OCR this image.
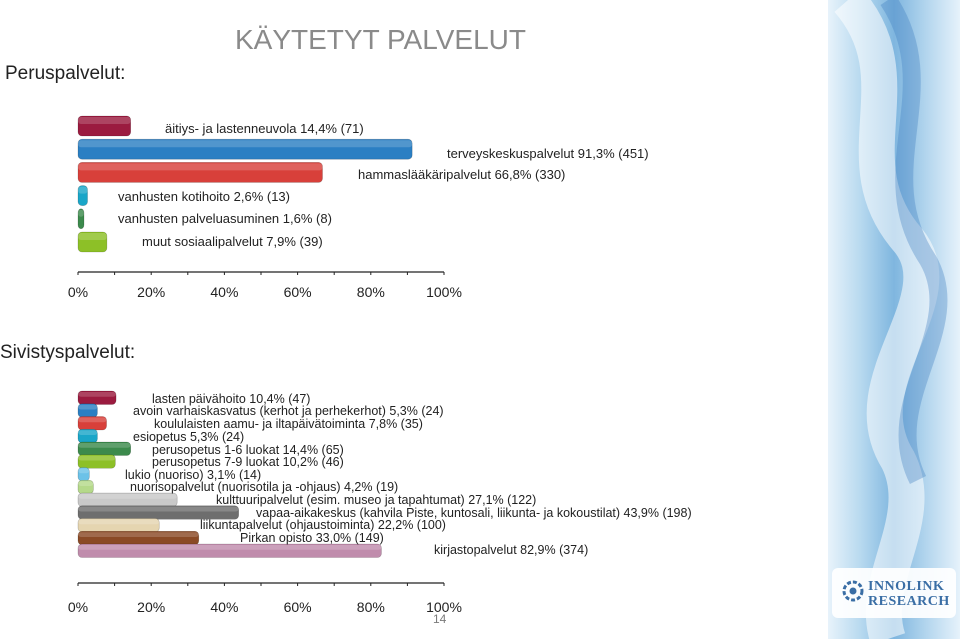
INNOLINK
RESEARCH
KÄYTETYT PALVELUT
Peruspalvelut:
Sivistyspalvelut:
äitiys- ja lastenneuvola 14,4% (71)
terveyskeskuspalvelut 91,3% (451)
hammaslääkäripalvelut 66,8% (330)
vanhusten kotihoito 2,6% (13)
vanhusten palveluasuminen 1,6% (8)
muut sosiaalipalvelut 7,9% (39)
0%	20%	40%	60%	80%	100%
lasten päivähoito 10,4% (47)
avoin varhaiskasvatus (kerhot ja perhekerhot) 5,3% (24)
koululaisten aamu- ja iltapäivätoiminta 7,8% (35)
esiopetus 5,3% (24)
perusopetus 1-6 luokat 14,4% (65)
perusopetus 7-9 luokat 10,2% (46)
lukio (nuoriso) 3,1% (14)
nuorisopalvelut (nuorisotila ja -ohjaus) 4,2% (19)
kulttuuripalvelut (esim. museo ja tapahtumat) 27,1% (122)
vapaa-aikakeskus (kahvila Piste, kuntosali, liikunta- ja kokoustilat) 43,9% (198)
liikuntapalvelut (ohjaustoiminta) 22,2% (100)
Pirkan opisto 33,0% (149)
kirjastopalvelut 82,9% (374)
0%	20%	40%	60%	80%	100%
14
